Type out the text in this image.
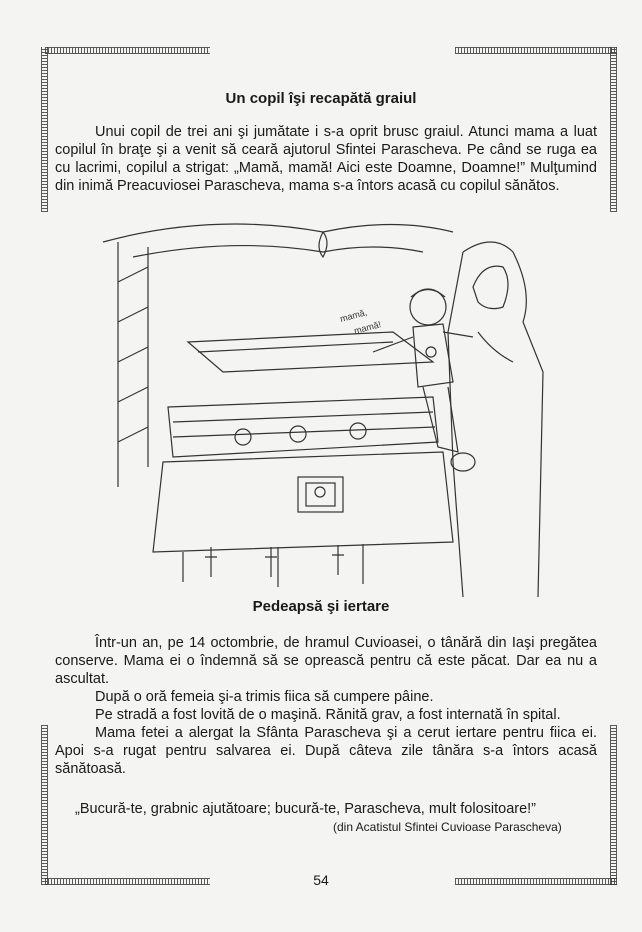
Un copil îşi recapătă graiul

Unui copil de trei ani şi jumătate i s-a oprit brusc graiul. Atunci mama a luat copilul în braţe şi a venit să ceară ajutorul Sfintei Parascheva. Pe când se ruga ea cu lacrimi, copilul a strigat: „Mamă, mamă! Aici este Doamne, Doamne!” Mulţumind din inimă Preacuviosei Parascheva, mama s-a întors acasă cu copilul sănătos.

mamă,
mamă!
Pedeapsă şi iertare

Într-un an, pe 14 octombrie, de hramul Cuvioasei, o tânără din Iaşi pregătea conserve. Mama ei o îndemnă să se oprească pentru că este păcat. Dar ea nu a ascultat.

După o oră femeia şi-a trimis fiica să cumpere pâine.

Pe stradă a fost lovită de o maşină. Rănită grav, a fost internată în spital.

Mama fetei a alergat la Sfânta Parascheva şi a cerut iertare pentru fiica ei. Apoi s-a rugat pentru salvarea ei. După câteva zile tânăra s-a întors acasă sănătoasă.

„Bucură-te, grabnic ajutătoare; bucură-te, Parascheva, mult folositoare!”

(din Acatistul Sfintei Cuvioase Parascheva)

54
